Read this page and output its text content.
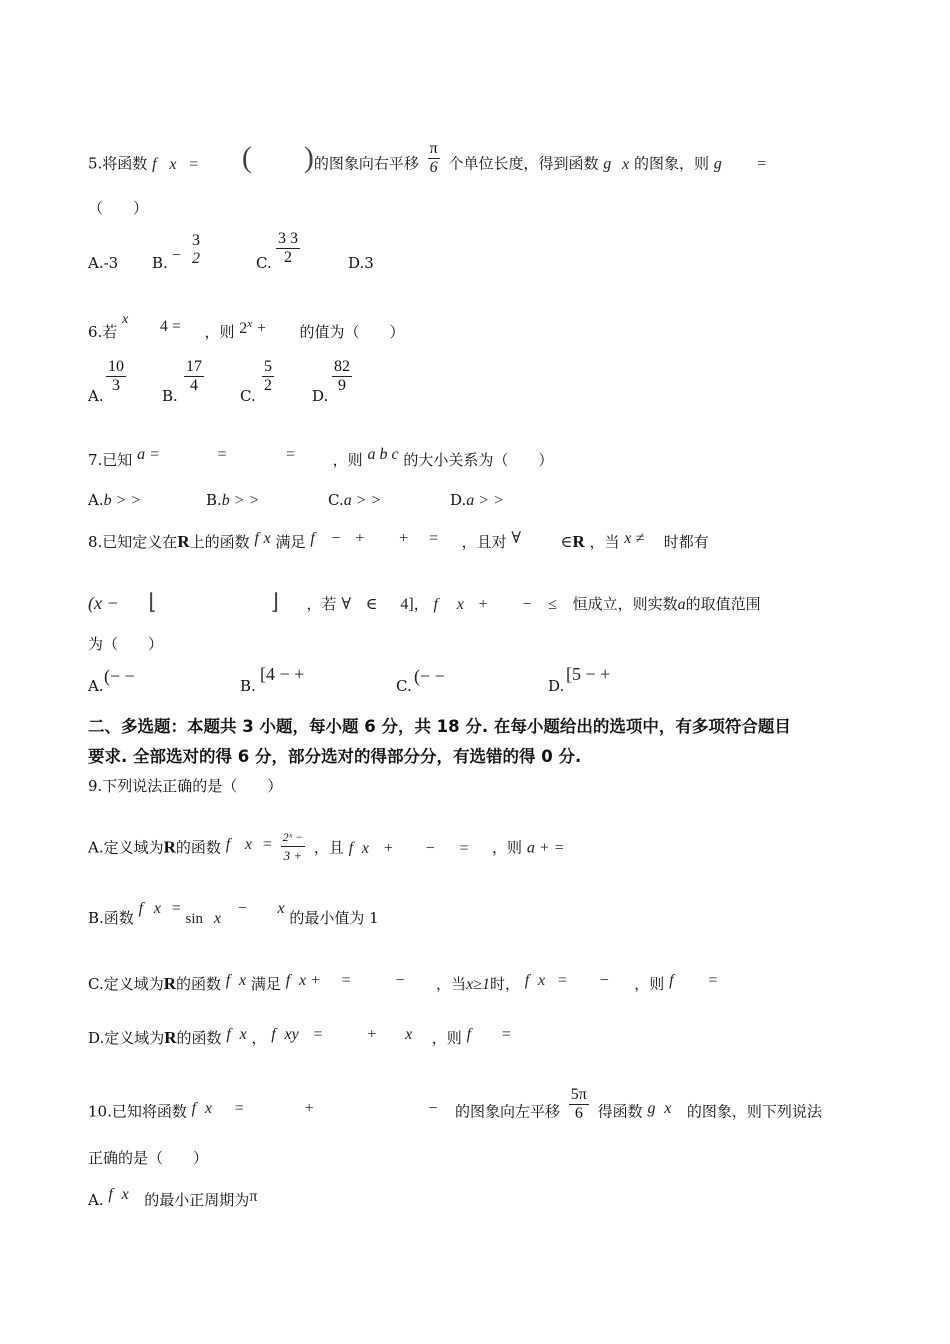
5.将函数 f x = ( )的图象向右平移 $\frac{\pi}{6}$ 个单位长度，得到函数 g x 的图象，则 g =
（　　）
A.-3 B. −
3
2	C. $\frac{3 3}{2}$	D.3
6.若 x 4 = ，则 $2^x$ + 的值为（　　）
A.
$\frac{10}{3}$
B.
$\frac{17}{4}$
C.
$\frac{5}{2}$
D.
$\frac{82}{9}$
7.已知 a =	=	=	，则 a b c 的大小关系为（　　）
A.b > >	B.b > >	C.a > >	D.a > >
8.已知定义在R上的函数 f x 满足 f − + + = ，且对 ∀ ∈R ，当 x ≠ 时都有
(x − ⌊	⌋ ，若 ∀ ∈ 4]， f x + − ≤ 恒成立，则实数a的取值范围
为（　　）
A. (− −	B.
[4 − +
C. (− −	D.
[5 − +
二、多选题：本题共 3 小题，每小题 6 分，共 18 分. 在每小题给出的选项中，有多项符合题目
要求. 全部选对的得 6 分，部分选对的得部分分，有选错的得 0 分.
9.下列说法正确的是（　　）
A.定义域为R的函数 f $x = \frac{\text{2ˣ −}}{3 +}$ ，且 f x + − = ，则 a + =
B.函数 f x = sin x − x 的最小值为 1
C.定义域为R的函数 f x 满足 f x + =	− ，当x≥1时， f x = − ，则 f =
D.定义域为R的函数 f x ， f xy =	+ x ，则 f =
10.已知将函数 f x =	+	− 的图象向左平移 $\frac{5\pi}{6}$ 得函数 g x 的图象，则下列说法
正确的是（　　）
A. f x 的最小正周期为π
